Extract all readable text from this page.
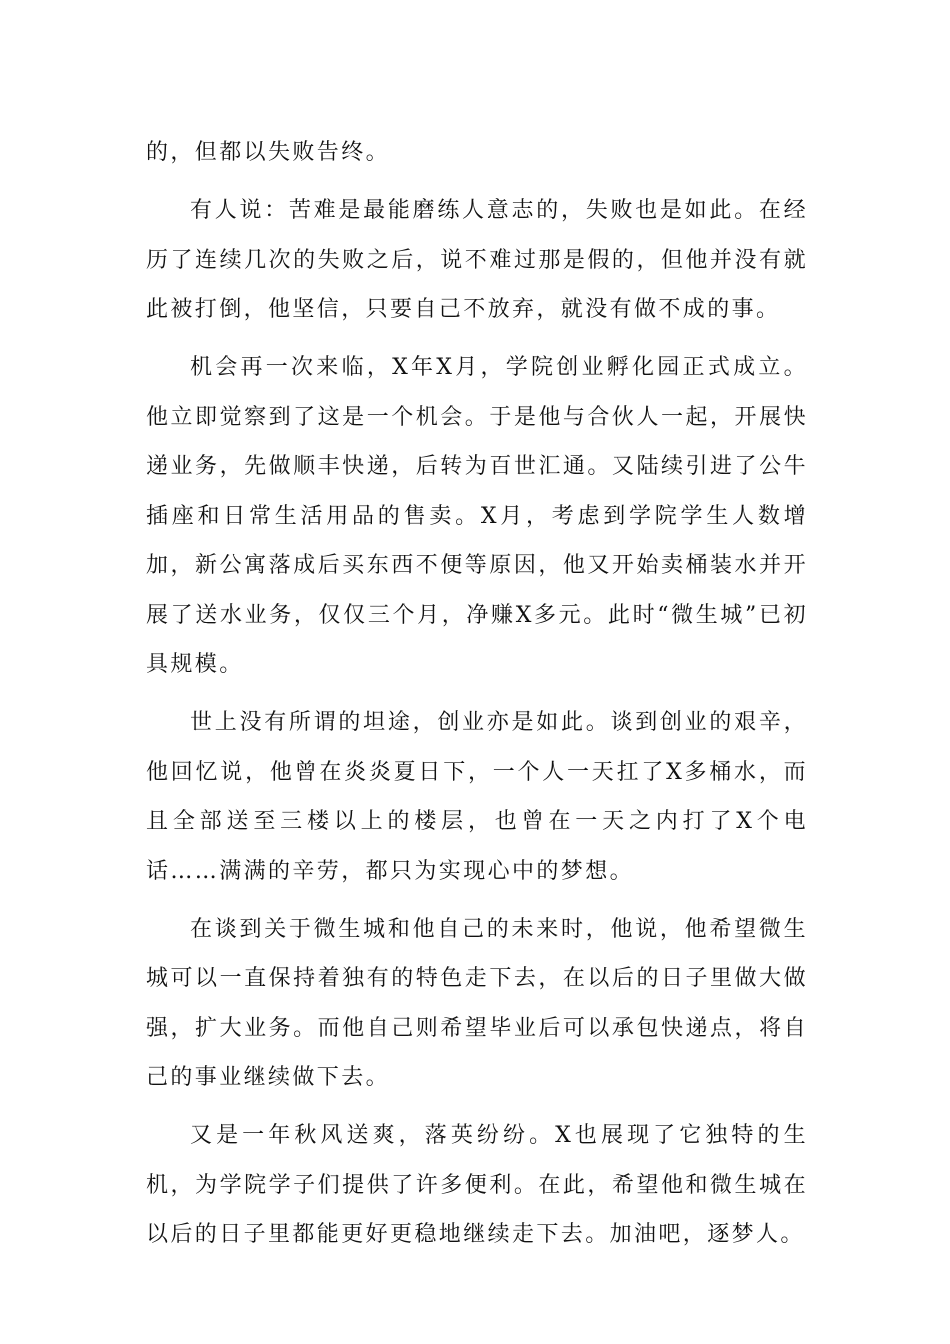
的，但都以失败告终。

有人说：苦难是最能磨练人意志的，失败也是如此。在经历了连续几次的失败之后，说不难过那是假的，但他并没有就此被打倒，他坚信，只要自己不放弃，就没有做不成的事。

机会再一次来临，X年X月，学院创业孵化园正式成立。他立即觉察到了这是一个机会。于是他与合伙人一起，开展快递业务，先做顺丰快递，后转为百世汇通。又陆续引进了公牛插座和日常生活用品的售卖。X月，考虑到学院学生人数增加，新公寓落成后买东西不便等原因，他又开始卖桶装水并开展了送水业务，仅仅三个月，净赚X多元。此时“微生城”已初具规模。

世上没有所谓的坦途，创业亦是如此。谈到创业的艰辛，他回忆说，他曾在炎炎夏日下，一个人一天扛了X多桶水，而且全部送至三楼以上的楼层，也曾在一天之内打了X个电话……满满的辛劳，都只为实现心中的梦想。

在谈到关于微生城和他自己的未来时，他说，他希望微生城可以一直保持着独有的特色走下去，在以后的日子里做大做强，扩大业务。而他自己则希望毕业后可以承包快递点，将自己的事业继续做下去。

又是一年秋风送爽，落英纷纷。X也展现了它独特的生机，为学院学子们提供了许多便利。在此，希望他和微生城在以后的日子里都能更好更稳地继续走下去。加油吧，逐梦人。
